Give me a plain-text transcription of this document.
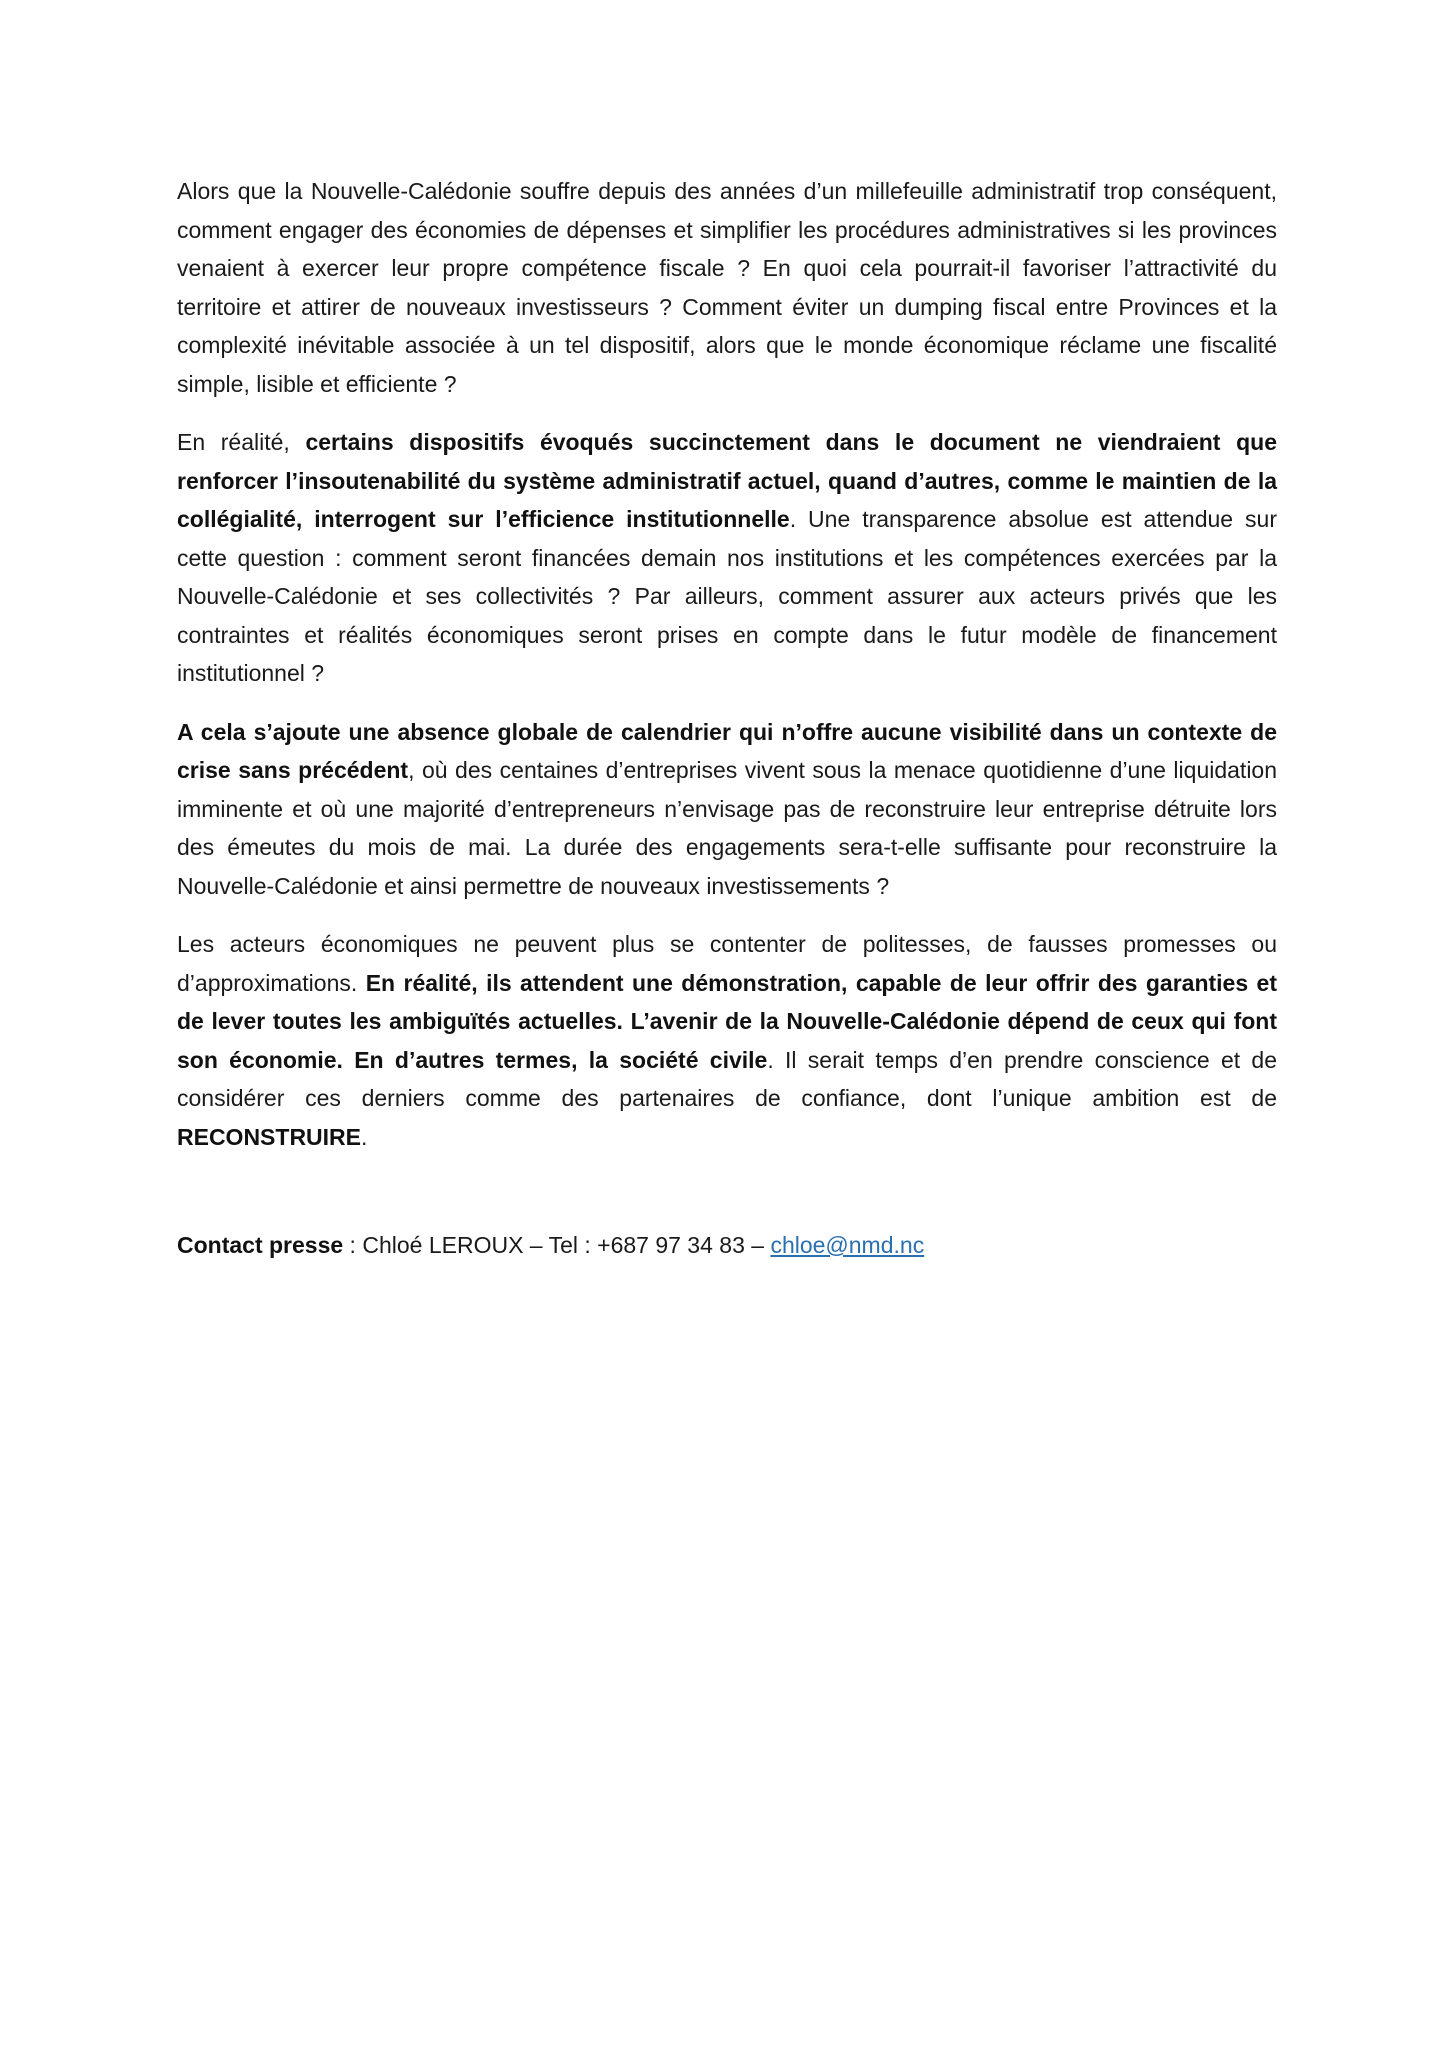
Alors que la Nouvelle-Calédonie souffre depuis des années d’un millefeuille administratif trop conséquent, comment engager des économies de dépenses et simplifier les procédures administratives si les provinces venaient à exercer leur propre compétence fiscale ? En quoi cela pourrait-il favoriser l’attractivité du territoire et attirer de nouveaux investisseurs ? Comment éviter un dumping fiscal entre Provinces et la complexité inévitable associée à un tel dispositif, alors que le monde économique réclame une fiscalité simple, lisible et efficiente ?

En réalité, certains dispositifs évoqués succinctement dans le document ne viendraient que renforcer l’insoutenabilité du système administratif actuel, quand d’autres, comme le maintien de la collégialité, interrogent sur l’efficience institutionnelle. Une transparence absolue est attendue sur cette question : comment seront financées demain nos institutions et les compétences exercées par la Nouvelle-Calédonie et ses collectivités ? Par ailleurs, comment assurer aux acteurs privés que les contraintes et réalités économiques seront prises en compte dans le futur modèle de financement institutionnel ?

A cela s’ajoute une absence globale de calendrier qui n’offre aucune visibilité dans un contexte de crise sans précédent, où des centaines d’entreprises vivent sous la menace quotidienne d’une liquidation imminente et où une majorité d’entrepreneurs n’envisage pas de reconstruire leur entreprise détruite lors des émeutes du mois de mai. La durée des engagements sera-t-elle suffisante pour reconstruire la Nouvelle-Calédonie et ainsi permettre de nouveaux investissements ?

Les acteurs économiques ne peuvent plus se contenter de politesses, de fausses promesses ou d’approximations. En réalité, ils attendent une démonstration, capable de leur offrir des garanties et de lever toutes les ambiguïtés actuelles. L’avenir de la Nouvelle-Calédonie dépend de ceux qui font son économie. En d’autres termes, la société civile. Il serait temps d’en prendre conscience et de considérer ces derniers comme des partenaires de confiance, dont l’unique ambition est de RECONSTRUIRE.

Contact presse : Chloé LEROUX – Tel : +687 97 34 83 – chloe@nmd.nc
